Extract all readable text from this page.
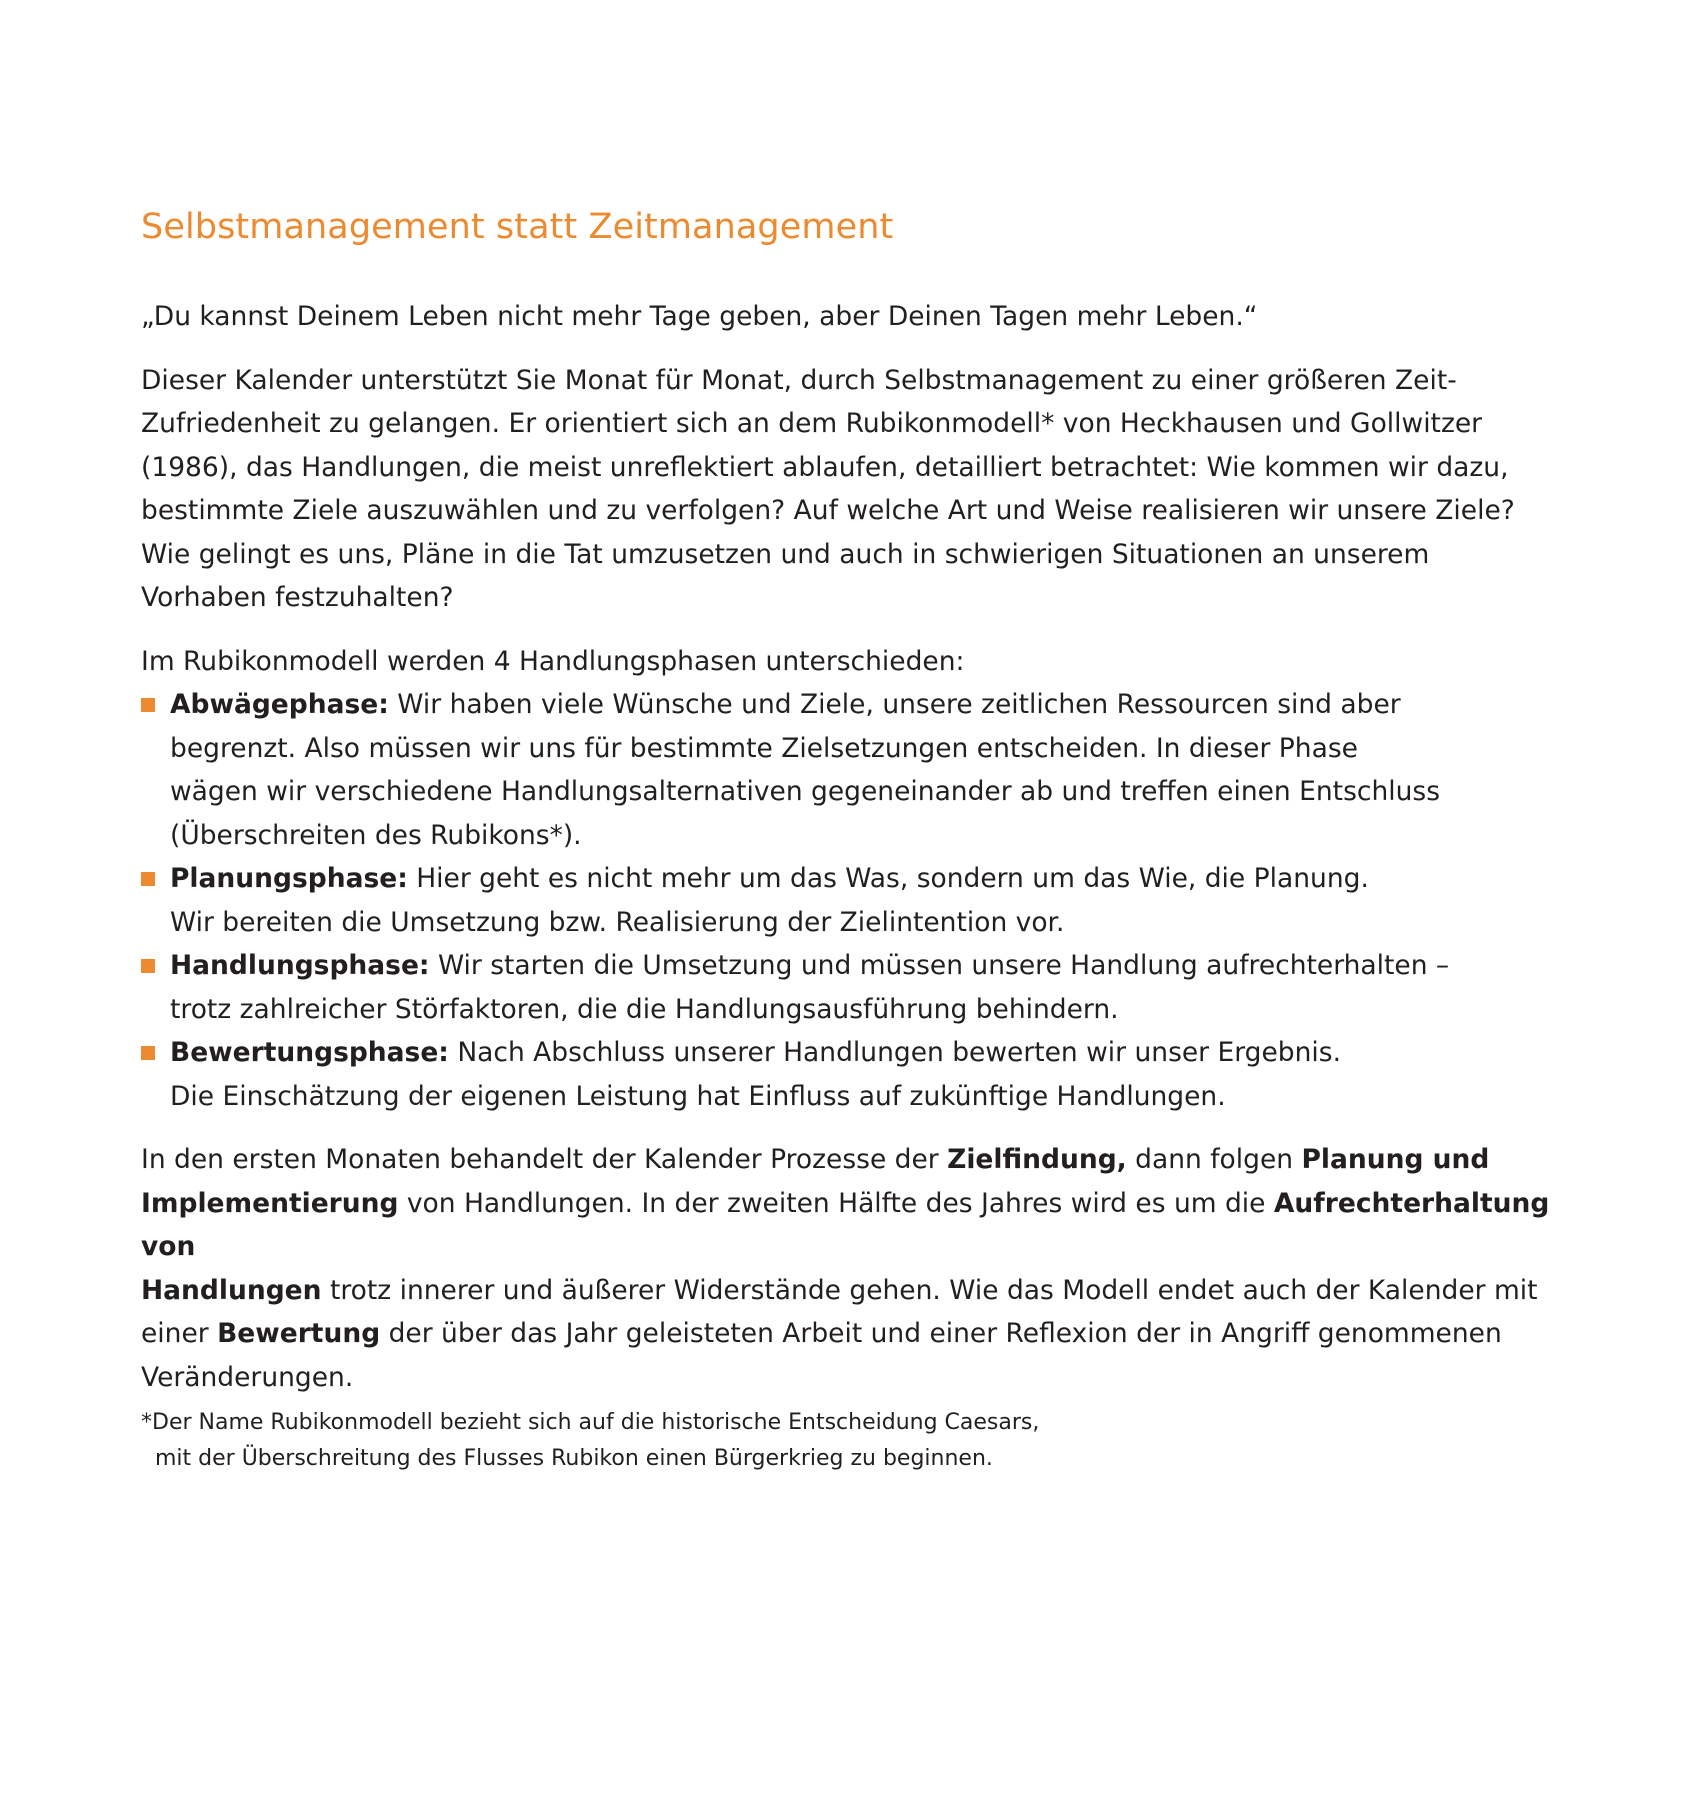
Selbstmanagement statt Zeitmanagement

„Du kannst Deinem Leben nicht mehr Tage geben, aber Deinen Tagen mehr Leben.“

Dieser Kalender unterstützt Sie Monat für Monat, durch Selbstmanagement zu einer größeren Zeit-
Zufriedenheit zu gelangen. Er orientiert sich an dem Rubikonmodell* von Heckhausen und Gollwitzer
(1986), das Handlungen, die meist unreflektiert ablaufen, detailliert betrachtet: Wie kommen wir dazu,
bestimmte Ziele auszuwählen und zu verfolgen? Auf welche Art und Weise realisieren wir unsere Ziele?
Wie gelingt es uns, Pläne in die Tat umzusetzen und auch in schwierigen Situationen an unserem
Vorhaben festzuhalten?

Im Rubikonmodell werden 4 Handlungsphasen unterschieden:

Abwägephase: Wir haben viele Wünsche und Ziele, unsere zeitlichen Ressourcen sind aber
begrenzt. Also müssen wir uns für bestimmte Zielsetzungen entscheiden. In dieser Phase
wägen wir verschiedene Handlungsalternativen gegeneinander ab und treffen einen Entschluss
(Überschreiten des Rubikons*).
Planungsphase: Hier geht es nicht mehr um das Was, sondern um das Wie, die Planung.
Wir bereiten die Umsetzung bzw. Realisierung der Zielintention vor.
Handlungsphase: Wir starten die Umsetzung und müssen unsere Handlung aufrechterhalten –
trotz zahlreicher Störfaktoren, die die Handlungsausführung behindern.
Bewertungsphase: Nach Abschluss unserer Handlungen bewerten wir unser Ergebnis.
Die Einschätzung der eigenen Leistung hat Einfluss auf zukünftige Handlungen.

In den ersten Monaten behandelt der Kalender Prozesse der Zielfindung, dann folgen Planung und
Implementierung von Handlungen. In der zweiten Hälfte des Jahres wird es um die Aufrechterhaltung von
Handlungen trotz innerer und äußerer Widerstände gehen. Wie das Modell endet auch der Kalender mit
einer Bewertung der über das Jahr geleisteten Arbeit und einer Reflexion der in Angriff genommenen
Veränderungen.

*Der Name Rubikonmodell bezieht sich auf die historische Entscheidung Caesars,
mit der Überschreitung des Flusses Rubikon einen Bürgerkrieg zu beginnen.
